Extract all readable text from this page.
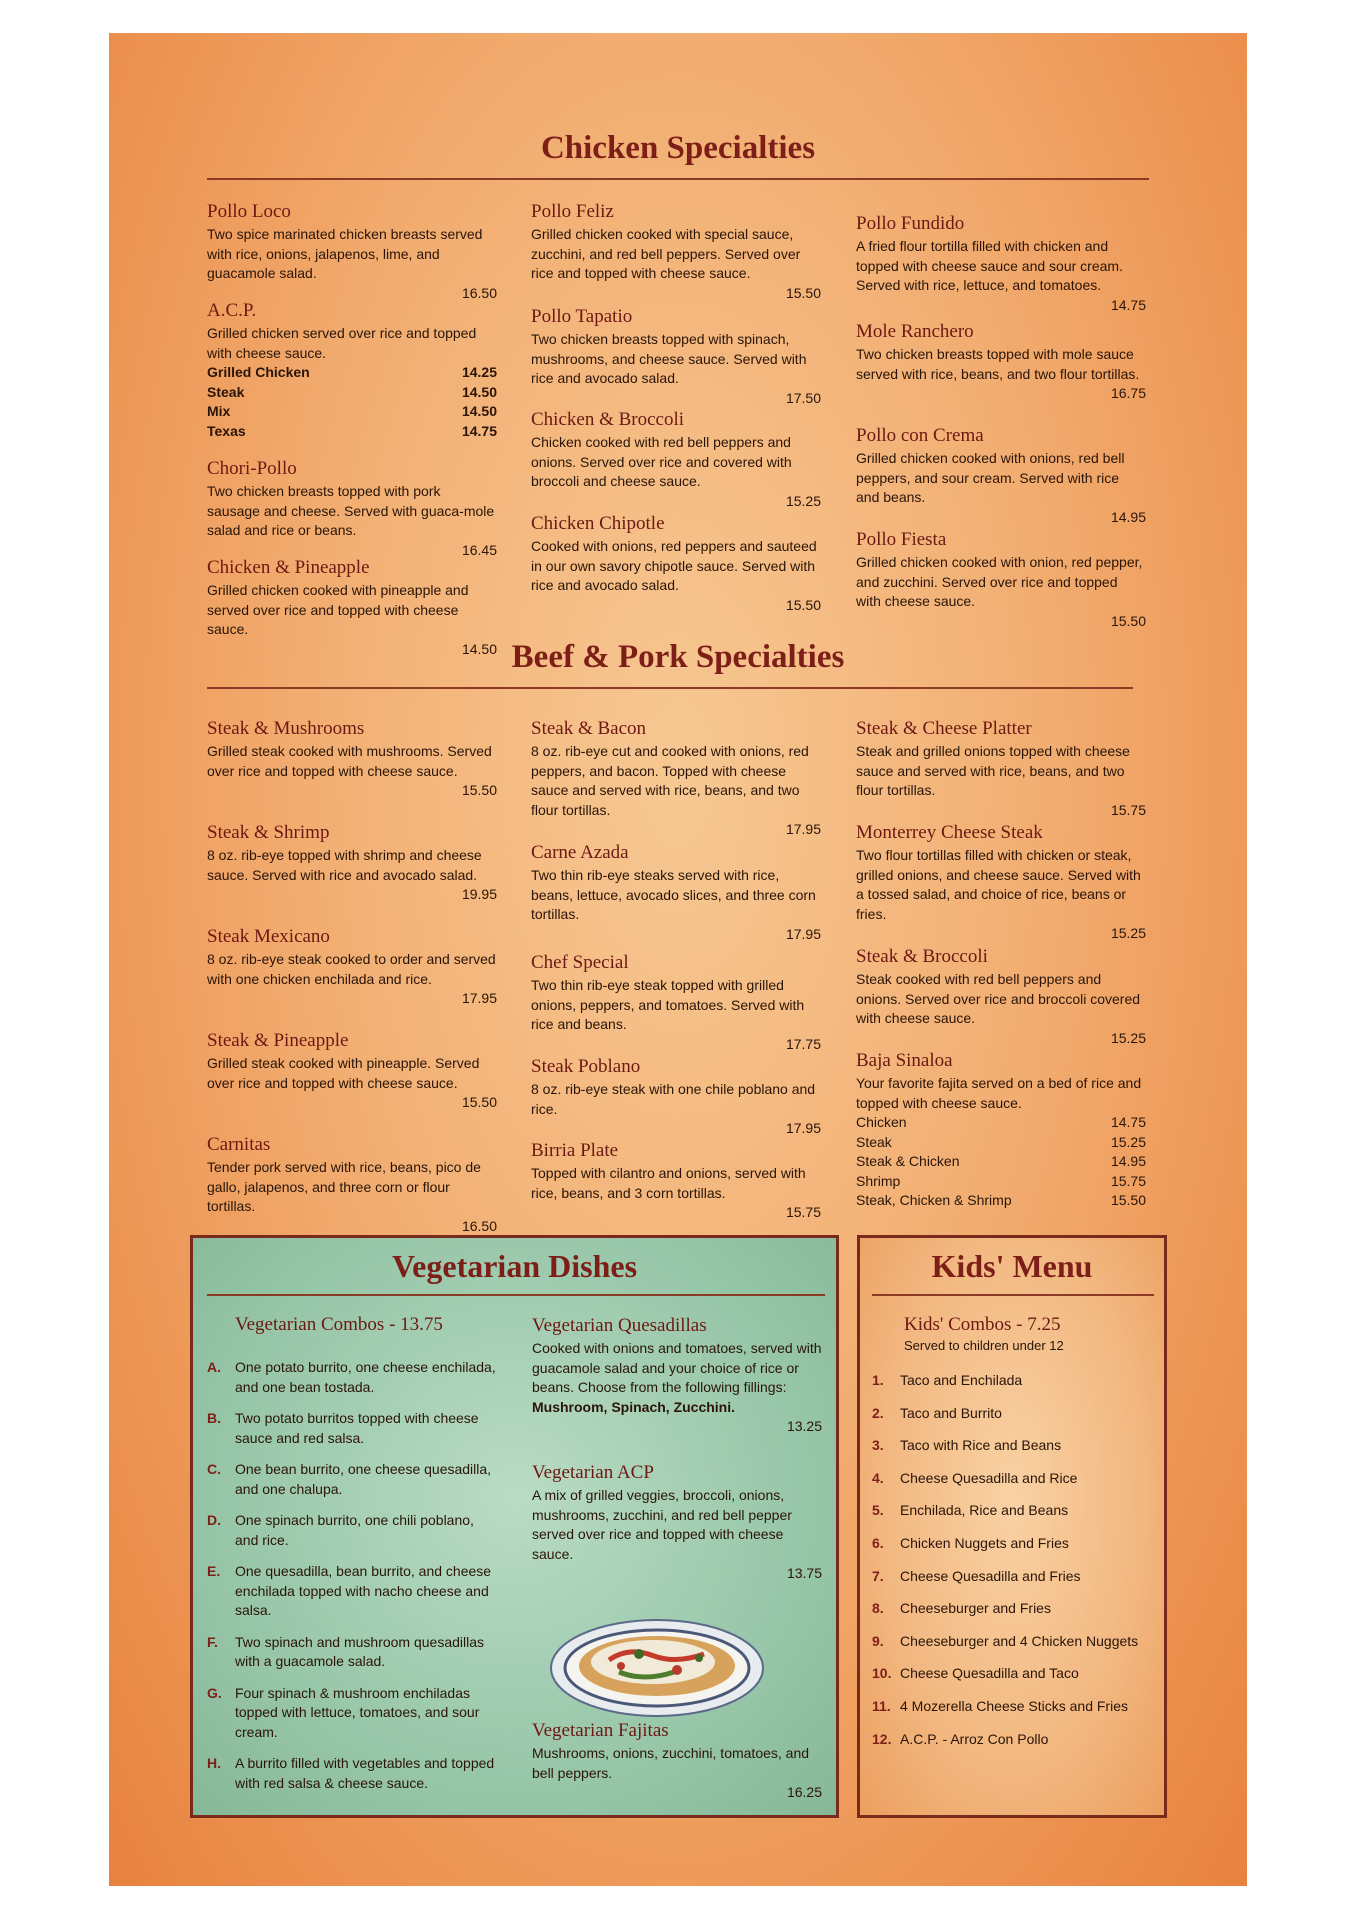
Chicken Specialties
Pollo Loco
Two spice marinated chicken breasts served with rice, onions, jalapenos, lime, and guacamole salad.
16.50
A.C.P.
Grilled chicken served over rice and topped with cheese sauce.
Grilled Chicken	14.25
Steak	14.50
Mix	14.50
Texas	14.75
Chori-Pollo
Two chicken breasts topped with pork sausage and cheese. Served with guaca-mole salad and rice or beans.
16.45
Chicken & Pineapple
Grilled chicken cooked with pineapple and served over rice and topped with cheese sauce.
14.50
Pollo Feliz
Grilled chicken cooked with special sauce, zucchini, and red bell peppers. Served over rice and topped with cheese sauce.
15.50
Pollo Tapatio
Two chicken breasts topped with spinach, mushrooms, and cheese sauce. Served with rice and avocado salad.
17.50
Chicken & Broccoli
Chicken cooked with red bell peppers and onions. Served over rice and covered with broccoli and cheese sauce.
15.25
Chicken Chipotle
Cooked with onions, red peppers and sauteed in our own savory chipotle sauce. Served with rice and avocado salad.
15.50
Pollo Fundido
A fried flour tortilla filled with chicken and topped with cheese sauce and sour cream. Served with rice, lettuce, and tomatoes.
14.75
Mole Ranchero
Two chicken breasts topped with mole sauce served with rice, beans, and two flour tortillas.
16.75
Pollo con Crema
Grilled chicken cooked with onions, red bell peppers, and sour cream. Served with rice and beans.
14.95
Pollo Fiesta
Grilled chicken cooked with onion, red pepper, and zucchini. Served over rice and topped with cheese sauce.
15.50
Beef & Pork Specialties
Steak & Mushrooms
Grilled steak cooked with mushrooms. Served over rice and topped with cheese sauce.
15.50
Steak & Shrimp
8 oz. rib-eye topped with shrimp and cheese sauce. Served with rice and avocado salad.
19.95
Steak Mexicano
8 oz. rib-eye steak cooked to order and served with one chicken enchilada and rice.
17.95
Steak & Pineapple
Grilled steak cooked with pineapple. Served over rice and topped with cheese sauce.
15.50
Carnitas
Tender pork served with rice, beans, pico de gallo, jalapenos, and three corn or flour tortillas.
16.50
Steak & Bacon
8 oz. rib-eye cut and cooked with onions, red peppers, and bacon. Topped with cheese sauce and served with rice, beans, and two flour tortillas.
17.95
Carne Azada
Two thin rib-eye steaks served with rice, beans, lettuce, avocado slices, and three corn tortillas.
17.95
Chef Special
Two thin rib-eye steak topped with grilled onions, peppers, and tomatoes. Served with rice and beans.
17.75
Steak Poblano
8 oz. rib-eye steak with one chile poblano and rice.
17.95
Birria Plate
Topped with cilantro and onions, served with rice, beans, and 3 corn tortillas.
15.75
Steak & Cheese Platter
Steak and grilled onions topped with cheese sauce and served with rice, beans, and two flour tortillas.
15.75
Monterrey Cheese Steak
Two flour tortillas filled with chicken or steak, grilled onions, and cheese sauce. Served with a tossed salad, and choice of rice, beans or fries.
15.25
Steak & Broccoli
Steak cooked with red bell peppers and onions. Served over rice and broccoli covered with cheese sauce.
15.25
Baja Sinaloa
Your favorite fajita served on a bed of rice and topped with cheese sauce.
Chicken	14.75
Steak	15.25
Steak & Chicken	14.95
Shrimp	15.75
Steak, Chicken & Shrimp	15.50
Vegetarian Dishes
Vegetarian Combos - 13.75
A.	One potato burrito, one cheese enchilada, and one bean tostada.
B.	Two potato burritos topped with cheese sauce and red salsa.
C.	One bean burrito, one cheese quesadilla, and one chalupa.
D.	One spinach burrito, one chili poblano, and rice.
E.	One quesadilla, bean burrito, and cheese enchilada topped with nacho cheese and salsa.
F.	Two spinach and mushroom quesadillas with a guacamole salad.
G. Four spinach & mushroom enchiladas topped with lettuce, tomatoes, and sour cream.
H.	A burrito filled with vegetables and topped with red salsa & cheese sauce.
Vegetarian Quesadillas
Cooked with onions and tomatoes, served with guacamole salad and your choice of rice or beans. Choose from the following fillings: Mushroom, Spinach, Zucchini.
13.25
Vegetarian ACP
A mix of grilled veggies, broccoli, onions, mushrooms, zucchini, and red bell pepper served over rice and topped with cheese sauce.
13.75
Vegetarian Fajitas
Mushrooms, onions, zucchini, tomatoes, and bell peppers.
16.25
Kids' Menu
Kids' Combos - 7.25
Served to children under 12
1.	Taco and Enchilada
2.	Taco and Burrito
3.	Taco with Rice and Beans
4.	Cheese Quesadilla and Rice
5.	Enchilada, Rice and Beans
6.	Chicken Nuggets and Fries
7.	Cheese Quesadilla and Fries
8.	Cheeseburger and Fries
9.	Cheeseburger and 4 Chicken Nuggets
10. Cheese Quesadilla and Taco
11. 4 Mozerella Cheese Sticks and Fries
12. A.C.P. - Arroz Con Pollo
